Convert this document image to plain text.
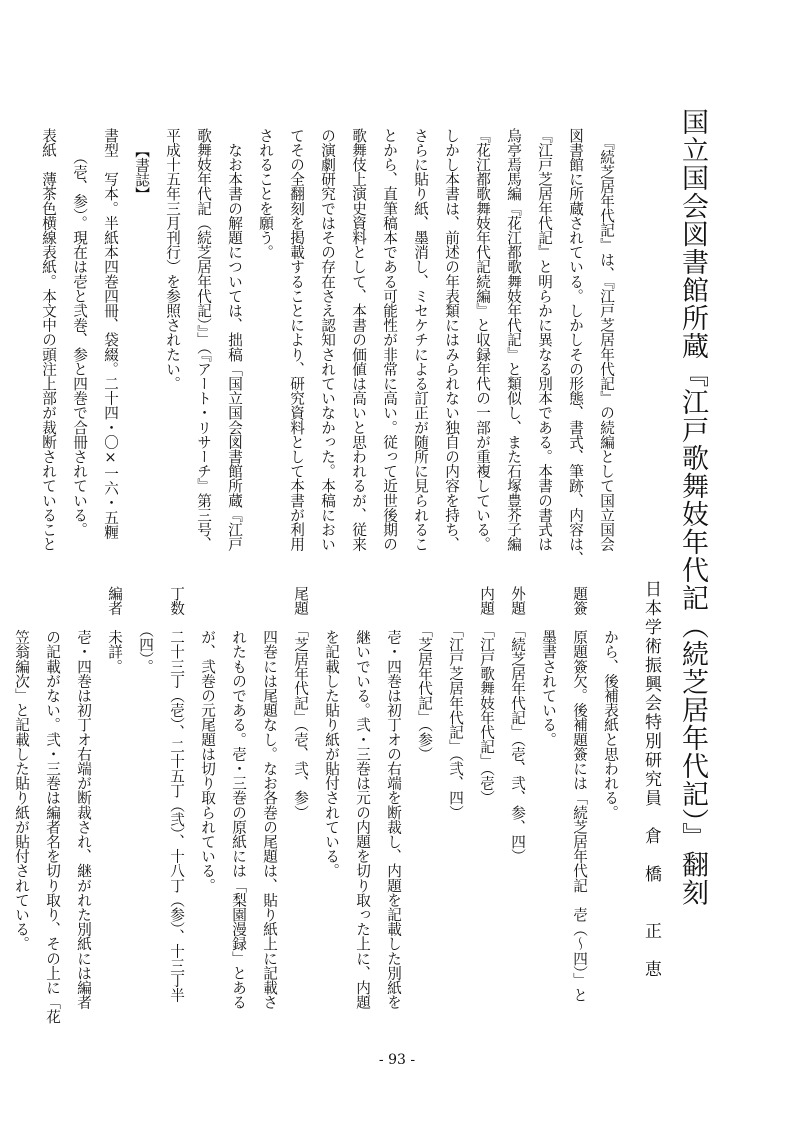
国立国会図書館所蔵『江戸歌舞妓年代記（続芝居年代記）』翻刻
日本学術振興会特別研究員　倉　橋　　正　恵
　『続芝居年代記』は、『江戸芝居年代記』の続編として国立国会
図書館に所蔵されている。しかしその形態、書式、筆跡、内容は、
『江戸芝居年代記』と明らかに異なる別本である。本書の書式は
烏亭焉馬編『花江都歌舞妓年代記』と類似し、また石塚豊芥子編
『花江都歌舞妓年代記続編』と収録年代の一部が重複している。
しかし本書は、前述の年表類にはみられない独自の内容を持ち、
さらに貼り紙、墨消し、ミセケチによる訂正が随所に見られるこ
とから、直筆稿本である可能性が非常に高い。従って近世後期の
歌舞伎上演史資料として、本書の価値は高いと思われるが、従来
の演劇研究ではその存在さえ認知されていなかった。本稿におい
てその全翻刻を掲載することにより、研究資料として本書が利用
されることを願う。
　なお本書の解題については、拙稿「国立国会図書館所蔵『江戸
歌舞妓年代記（続芝居年代記）』」（『アート・リサーチ』第三号、
平成十五年三月刊行）を参照されたい。
【書誌】
書型　写本。半紙本四巻四冊、袋綴。二十四・〇×一六・五糎
　　（壱、参）。現在は壱と弐巻、参と四巻で合冊されている。
表紙　薄茶色横線表紙。本文中の頭注上部が裁断されていること
　　　から、後補表紙と思われる。
題簽　原題簽欠。後補題簽には「続芝居年代記　壱（〜四）」と
　　　墨書されている。
外題　「続芝居年代記」（壱、弐、参、四）
内題　「江戸歌舞妓年代記」（壱）
　　　「江戸芝居年代記」（弐、四）
　　　「芝居年代記」（参）
　　　壱・四巻は初丁オの右端を断裁し、内題を記載した別紙を
　　　継いでいる。弐・三巻は元の内題を切り取った上に、内題
　　　を記載した貼り紙が貼付されている。
尾題　「芝居年代記」（壱、弐、参）
　　　四巻には尾題なし。なお各巻の尾題は、貼り紙上に記載さ
　　　れたものである。壱・三巻の原紙には「梨園漫録」とある
　　　が、弐巻の元尾題は切り取られている。
丁数　二十三丁（壱）、二十五丁（弐）、十八丁（参）、十三丁半
　　　（四）。
編者　未詳。
　　　壱・四巻は初丁オ右端が断裁され、継がれた別紙には編者
　　　の記載がない。弐・三巻は編者名を切り取り、その上に「花
　　　笠翁編次」と記載した貼り紙が貼付されている。
- 93 -
